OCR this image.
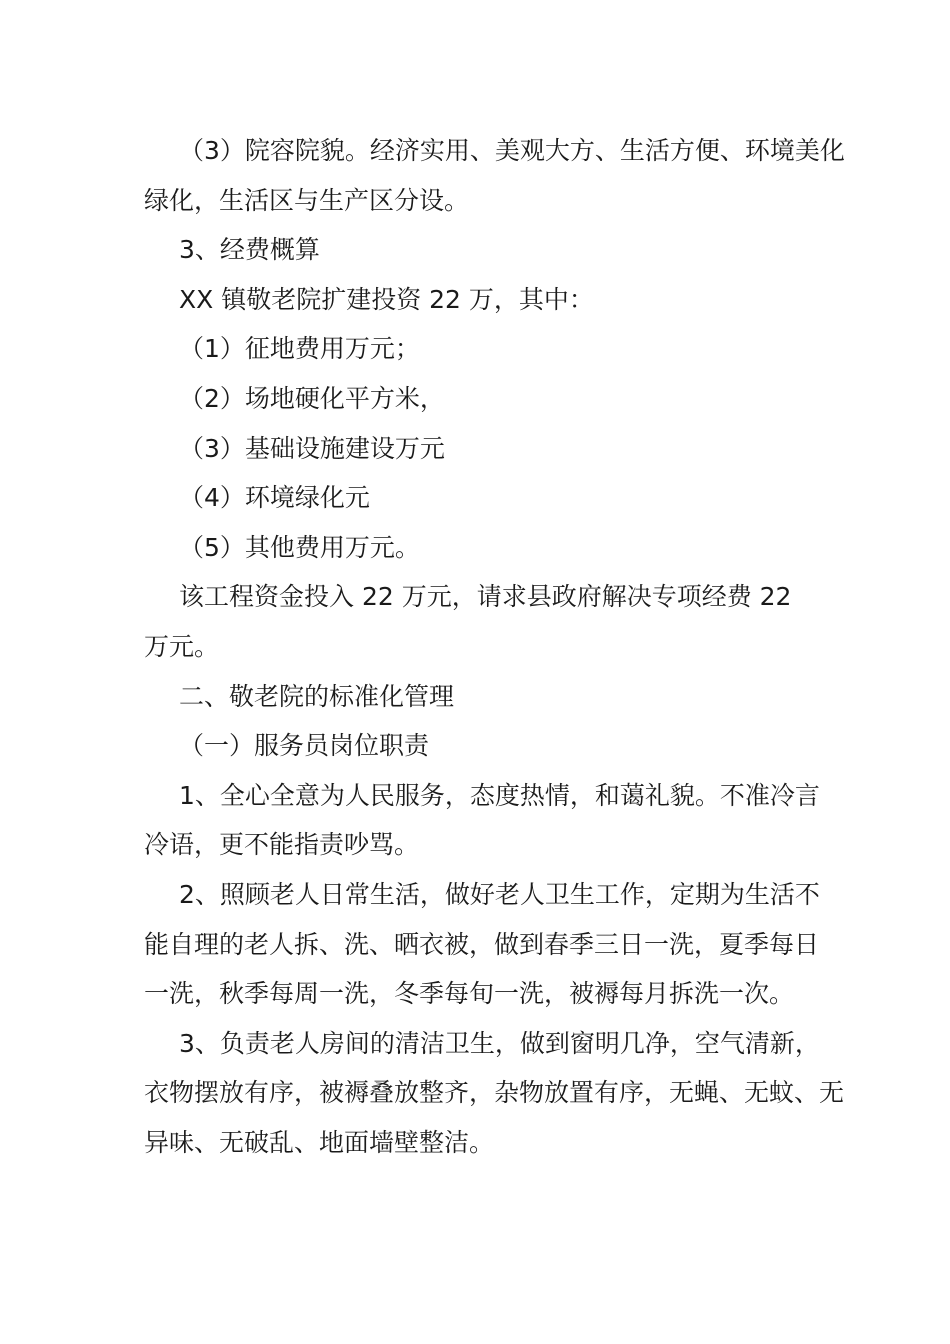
（3）院容院貌。经济实用、美观大方、生活方便、环境美化
绿化，生活区与生产区分设。

3、经费概算

XX 镇敬老院扩建投资 22 万，其中：

（1）征地费用万元；

（2）场地硬化平方米，

（3）基础设施建设万元

（4）环境绿化元

（5）其他费用万元。

该工程资金投入 22 万元，请求县政府解决专项经费 22
万元。

二、敬老院的标准化管理

（一）服务员岗位职责

1、全心全意为人民服务，态度热情，和蔼礼貌。不准冷言
冷语，更不能指责吵骂。

2、照顾老人日常生活，做好老人卫生工作，定期为生活不
能自理的老人拆、洗、晒衣被，做到春季三日一洗，夏季每日
一洗，秋季每周一洗，冬季每旬一洗，被褥每月拆洗一次。

3、负责老人房间的清洁卫生，做到窗明几净，空气清新，
衣物摆放有序，被褥叠放整齐，杂物放置有序，无蝇、无蚊、无
异味、无破乱、地面墙壁整洁。
